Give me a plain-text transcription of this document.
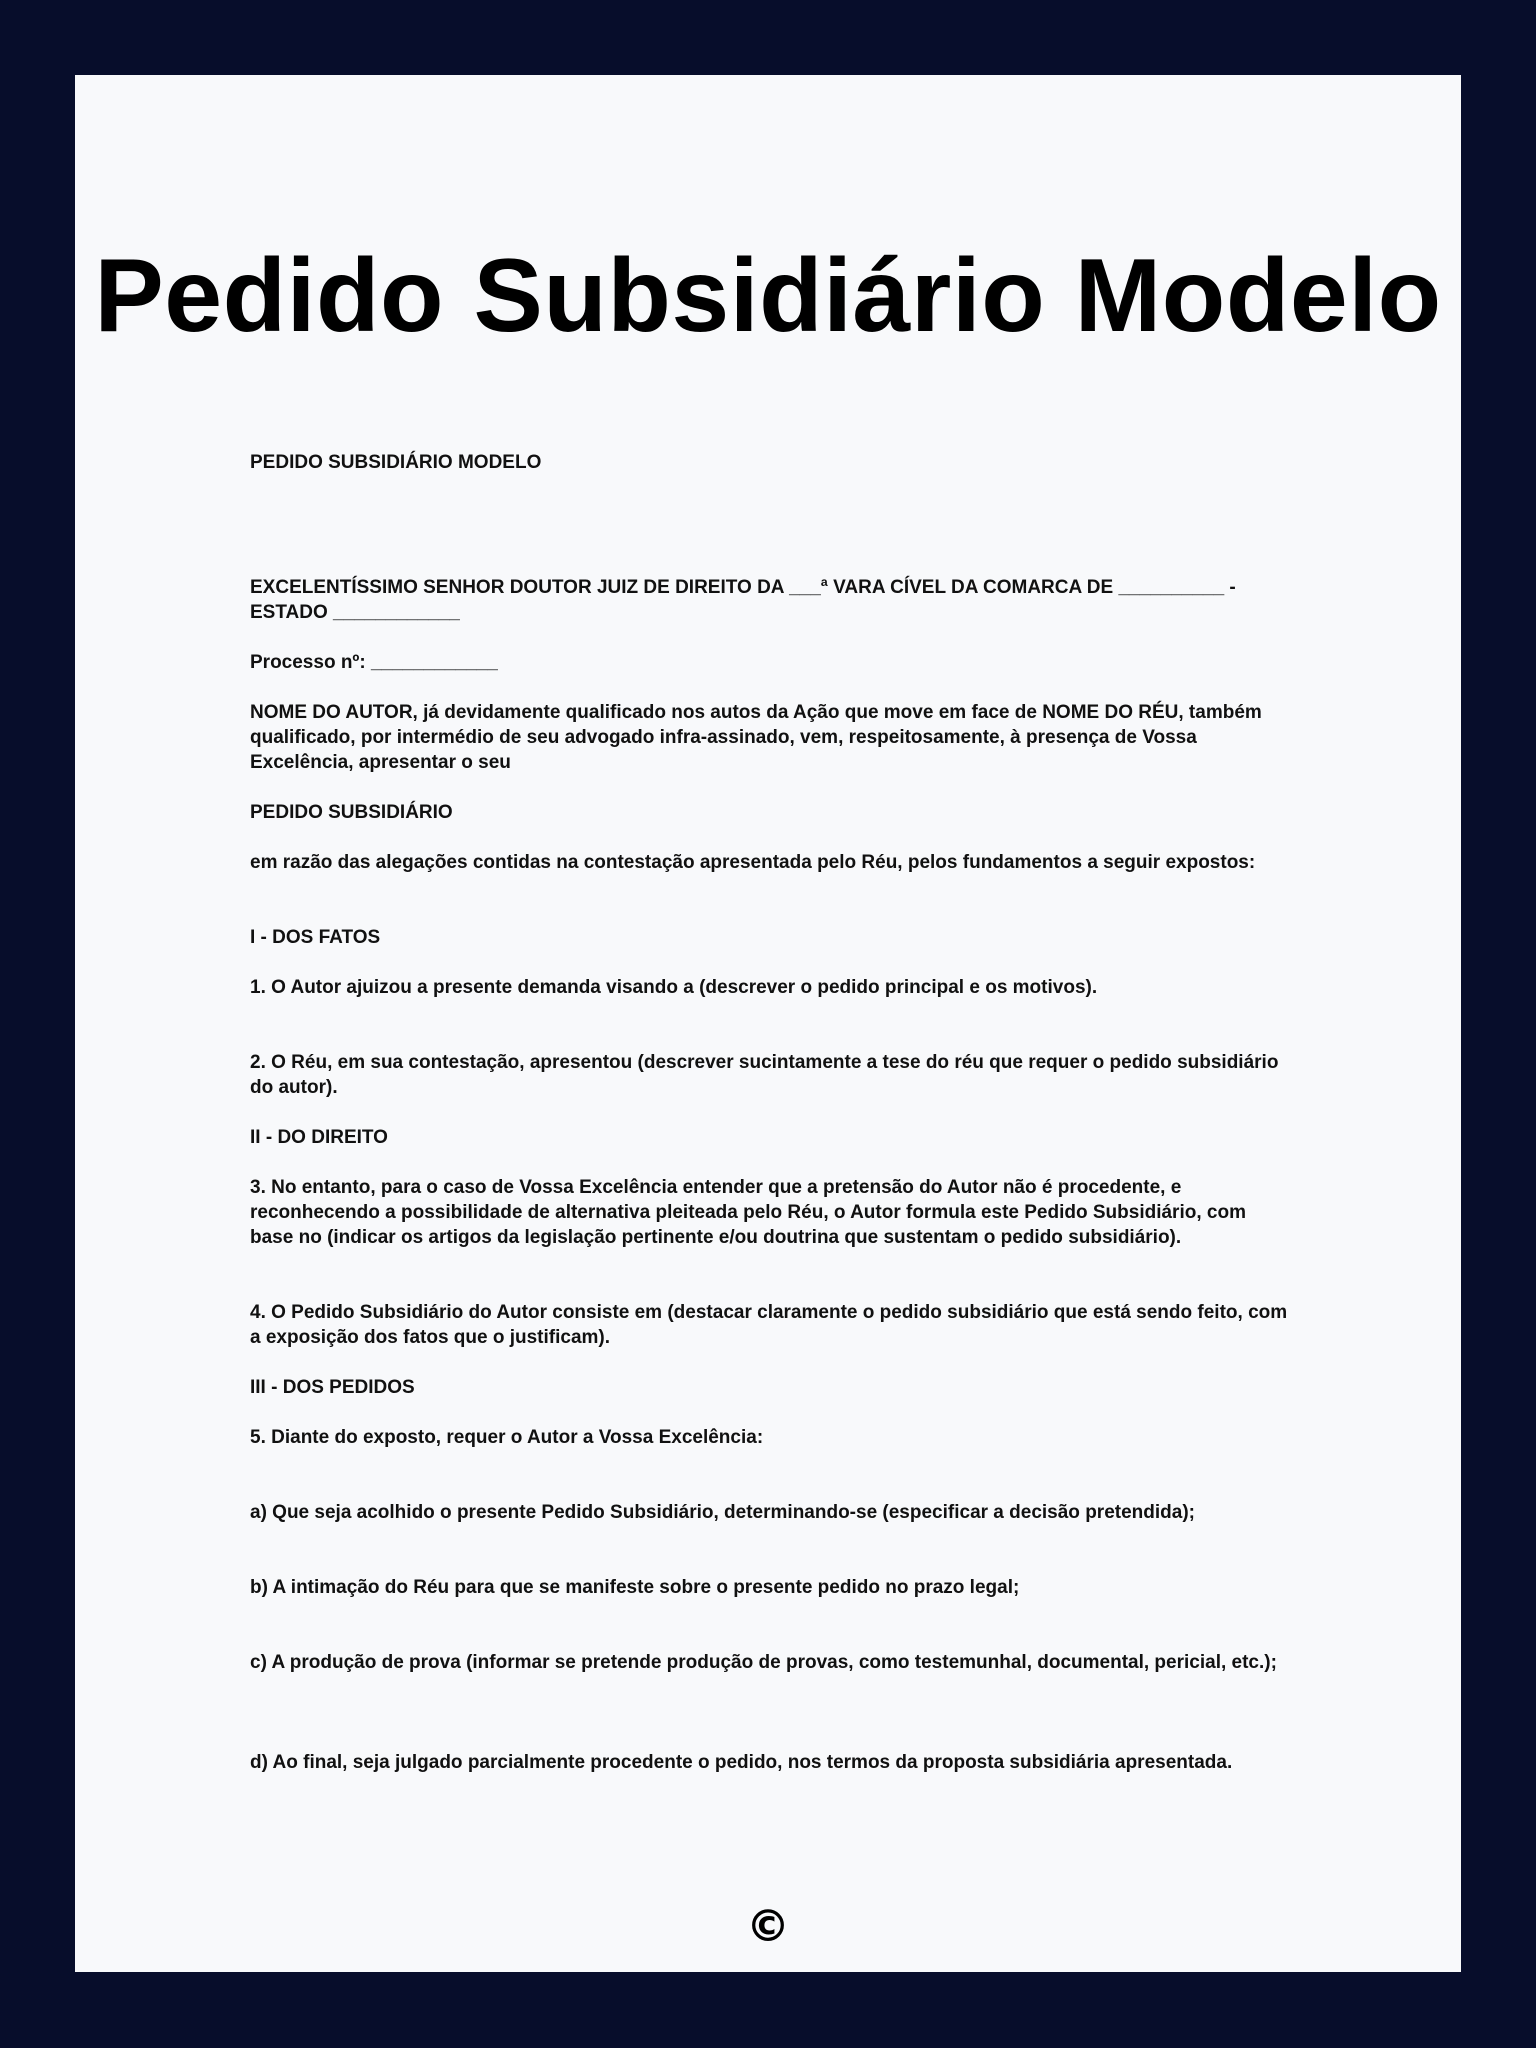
Pedido Subsidiário Modelo

PEDIDO SUBSIDIÁRIO MODELO

EXCELENTÍSSIMO SENHOR DOUTOR JUIZ DE DIREITO DA ___ª VARA CÍVEL DA COMARCA DE __________ - ESTADO ____________

Processo nº: ____________

NOME DO AUTOR, já devidamente qualificado nos autos da Ação que move em face de NOME DO RÉU, também qualificado, por intermédio de seu advogado infra-assinado, vem, respeitosamente, à presença de Vossa Excelência, apresentar o seu

PEDIDO SUBSIDIÁRIO

em razão das alegações contidas na contestação apresentada pelo Réu, pelos fundamentos a seguir expostos:

I - DOS FATOS

1. O Autor ajuizou a presente demanda visando a (descrever o pedido principal e os motivos).

2. O Réu, em sua contestação, apresentou (descrever sucintamente a tese do réu que requer o pedido subsidiário do autor).

II - DO DIREITO

3. No entanto, para o caso de Vossa Excelência entender que a pretensão do Autor não é procedente, e reconhecendo a possibilidade de alternativa pleiteada pelo Réu, o Autor formula este Pedido Subsidiário, com base no (indicar os artigos da legislação pertinente e/ou doutrina que sustentam o pedido subsidiário).

4. O Pedido Subsidiário do Autor consiste em (destacar claramente o pedido subsidiário que está sendo feito, com a exposição dos fatos que o justificam).

III - DOS PEDIDOS

5. Diante do exposto, requer o Autor a Vossa Excelência:

a) Que seja acolhido o presente Pedido Subsidiário, determinando-se (especificar a decisão pretendida);

b) A intimação do Réu para que se manifeste sobre o presente pedido no prazo legal;

c) A produção de prova (informar se pretende produção de provas, como testemunhal, documental, pericial, etc.);

d) Ao final, seja julgado parcialmente procedente o pedido, nos termos da proposta subsidiária apresentada.

©
